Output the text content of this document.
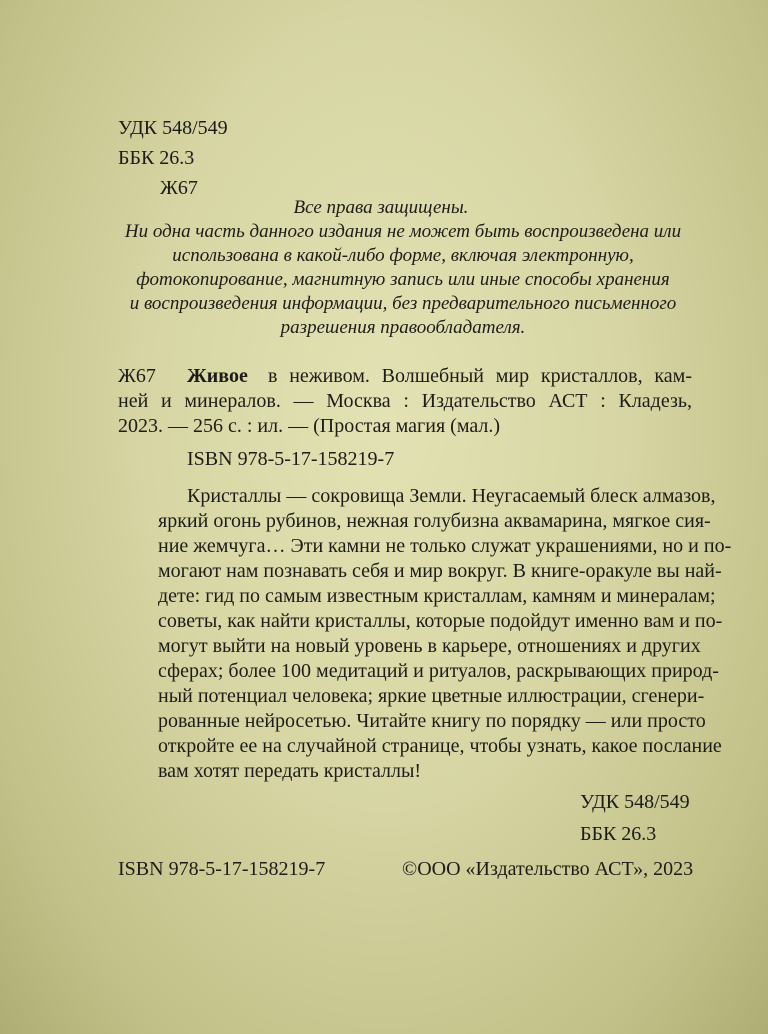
УДК 548/549

ББК 26.3

Ж67

Все права защищены.

Ни одна часть данного издания не может быть воспроизведена или

использована в какой-либо форме, включая электронную,

фотокопирование, магнитную запись или иные способы хранения

и воспроизведения информации, без предварительного письменного

разрешения правообладателя.

Ж67 Живое в неживом. Волшебный мир кристаллов, кам-

ней и минералов. — Москва : Издательство АСТ : Кладезь,

2023. — 256 с. : ил. — (Простая магия (мал.)

ISBN 978-5-17-158219-7

Кристаллы — сокровища Земли. Неугасаемый блеск алмазов,

яркий огонь рубинов, нежная голубизна аквамарина, мягкое сия-

ние жемчуга… Эти камни не только служат украшениями, но и по-

могают нам познавать себя и мир вокруг. В книге-оракуле вы най-

дете: гид по самым известным кристаллам, камням и минералам;

советы, как найти кристаллы, которые подойдут именно вам и по-

могут выйти на новый уровень в карьере, отношениях и других

сферах; более 100 медитаций и ритуалов, раскрывающих природ-

ный потенциал человека; яркие цветные иллюстрации, сгенери-

рованные нейросетью. Читайте книгу по порядку — или просто

откройте ее на случайной странице, чтобы узнать, какое послание

вам хотят передать кристаллы!

УДК 548/549

ББК 26.3

ISBN 978-5-17-158219-7	©ООО «Издательство АСТ», 2023
